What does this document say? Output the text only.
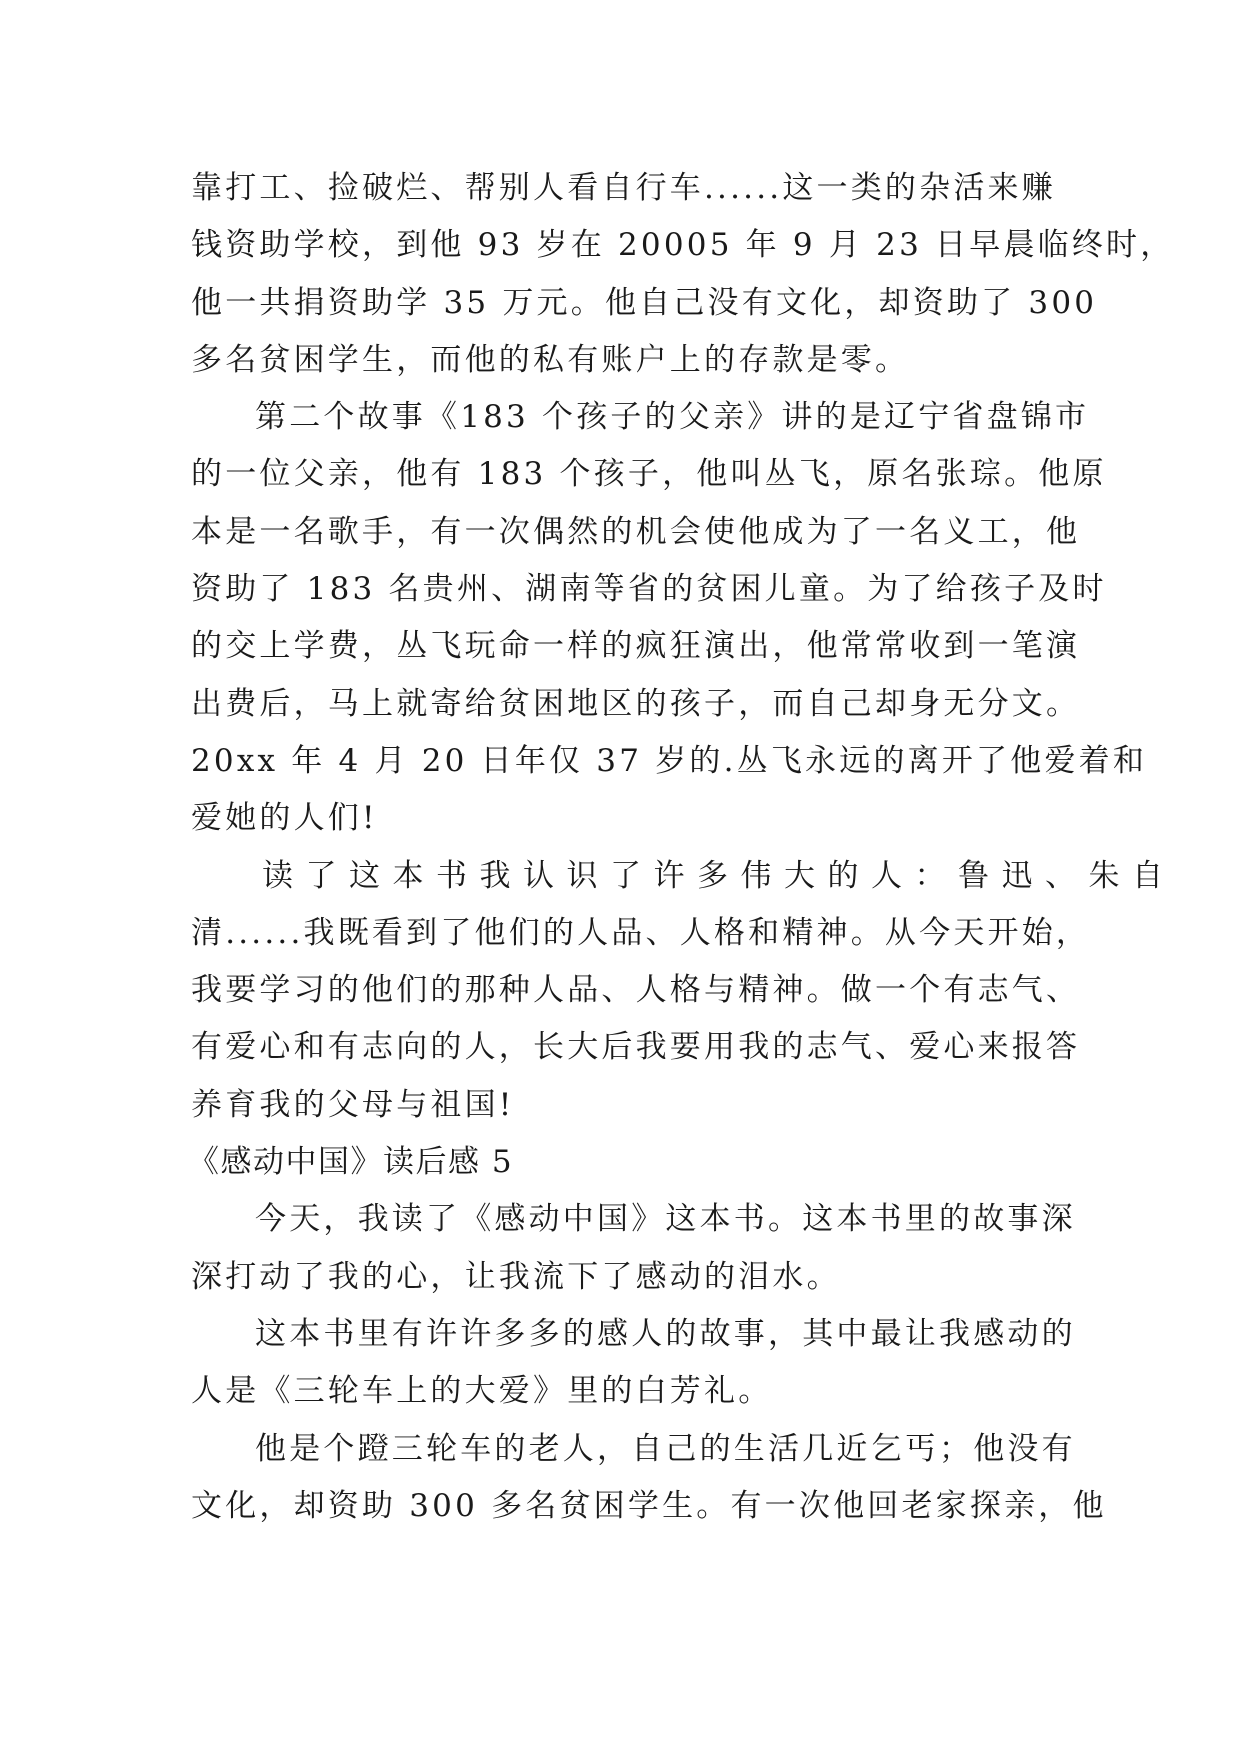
靠打工、捡破烂、帮别人看自行车......这一类的杂活来赚
钱资助学校，到他 93 岁在 20005 年 9 月 23 日早晨临终时，
他一共捐资助学 35 万元。他自己没有文化，却资助了 300
多名贫困学生，而他的私有账户上的存款是零。
第二个故事《183 个孩子的父亲》讲的是辽宁省盘锦市
的一位父亲，他有 183 个孩子，他叫丛飞，原名张琮。他原
本是一名歌手，有一次偶然的机会使他成为了一名义工，他
资助了 183 名贵州、湖南等省的贫困儿童。为了给孩子及时
的交上学费，丛飞玩命一样的疯狂演出，他常常收到一笔演
出费后，马上就寄给贫困地区的孩子，而自己却身无分文。
20xx 年 4 月 20 日年仅 37 岁的.丛飞永远的离开了他爱着和
爱她的人们!
读了这本书我认识了许多伟大的人：鲁迅、朱自
清......我既看到了他们的人品、人格和精神。从今天开始，
我要学习的他们的那种人品、人格与精神。做一个有志气、
有爱心和有志向的人，长大后我要用我的志气、爱心来报答
养育我的父母与祖国!
《感动中国》读后感 5
今天，我读了《感动中国》这本书。这本书里的故事深
深打动了我的心，让我流下了感动的泪水。
这本书里有许许多多的感人的故事，其中最让我感动的
人是《三轮车上的大爱》里的白芳礼。
他是个蹬三轮车的老人，自己的生活几近乞丐；他没有
文化，却资助 300 多名贫困学生。有一次他回老家探亲，他
